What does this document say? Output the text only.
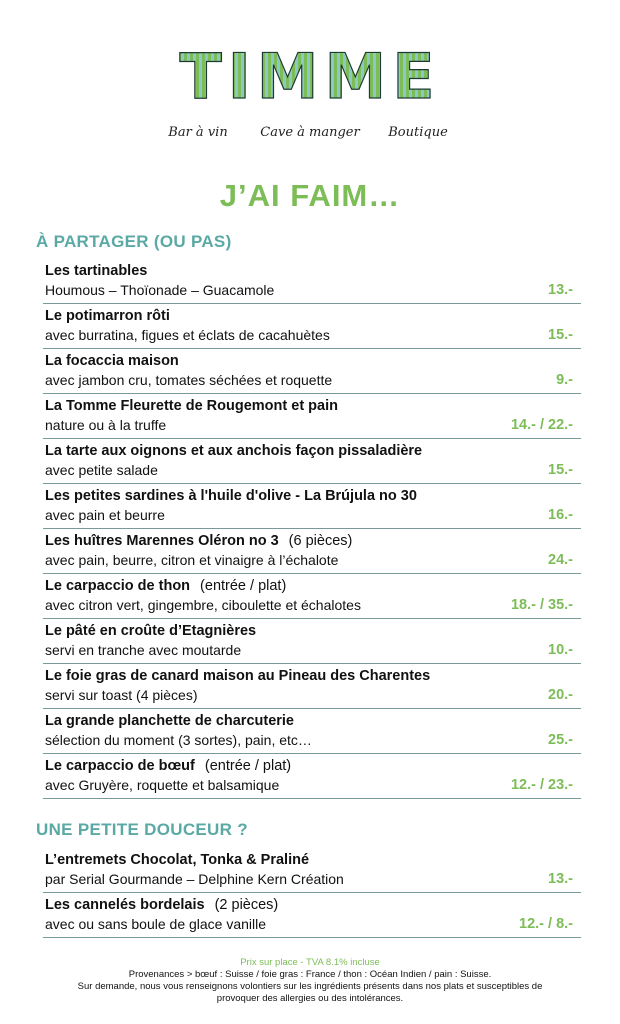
TIMME
Bar à vin	Cave à manger Boutique
J’AI FAIM…
À PARTAGER (OU PAS)
Les tartinables
Houmous – Thoïonade – Guacamole	13.-
Le potimarron rôti
avec burratina, figues et éclats de cacahuètes	15.-
La focaccia maison
avec jambon cru, tomates séchées et roquette	9.-
La Tomme Fleurette de Rougemont et pain
nature ou à la truffe	14.- / 22.-
La tarte aux oignons et aux anchois façon pissaladière
avec petite salade	15.-
Les petites sardines à l'huile d'olive - La Brújula no 30
avec pain et beurre	16.-
Les huîtres Marennes Oléron no 3 (6 pièces)
avec pain, beurre, citron et vinaigre à l’échalote	24.-
Le carpaccio de thon (entrée / plat)
avec citron vert, gingembre, ciboulette et échalotes	18.- / 35.-
Le pâté en croûte d’Etagnières
servi en tranche avec moutarde	10.-
Le foie gras de canard maison au Pineau des Charentes
servi sur toast (4 pièces)	20.-
La grande planchette de charcuterie
sélection du moment (3 sortes), pain, etc…	25.-
Le carpaccio de bœuf (entrée / plat)
avec Gruyère, roquette et balsamique	12.- / 23.-
UNE PETITE DOUCEUR ?
L’entremets Chocolat, Tonka & Praliné
par Serial Gourmande – Delphine Kern Création	13.-
Les cannelés bordelais (2 pièces)
avec ou sans boule de glace vanille	12.- / 8.-
Prix sur place - TVA 8.1% incluse
Provenances > bœuf : Suisse / foie gras : France / thon : Océan Indien / pain : Suisse.
Sur demande, nous vous renseignons volontiers sur les ingrédients présents dans nos plats et susceptibles de
provoquer des allergies ou des intolérances.
